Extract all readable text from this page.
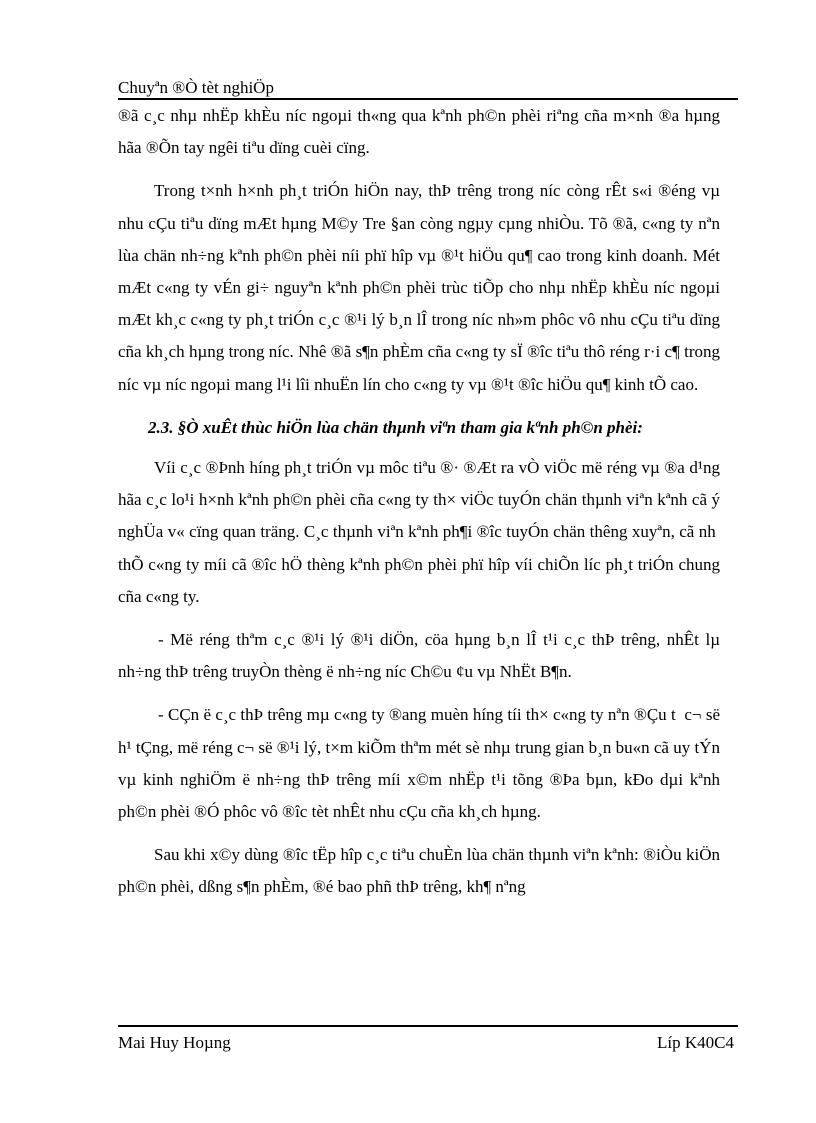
Chuyªn ®Ò tèt nghiÖp

®ã c¸c nhµ nhËp khÈu níc ngoµi th«ng qua kªnh ph©n phèi riªng cña m×nh ®a hµng hãa ®Õn tay ngêi tiªu dïng cuèi cïng.

Trong t×nh h×nh ph¸t triÓn hiÖn nay, thÞ trêng trong níc còng rÊt s«i ®éng vµ nhu cÇu tiªu dïng mÆt hµng M©y Tre §an còng ngµy cµng nhiÒu. Tõ ®ã, c«ng ty nªn lùa chän nh÷ng kªnh ph©n phèi níi phï hîp vµ ®¹t hiÖu qu¶ cao trong kinh doanh. Mét mÆt c«ng ty vÉn gi÷ nguyªn kªnh ph©n phèi trùc tiÕp cho nhµ nhËp khÈu níc ngoµi mÆt kh¸c c«ng ty ph¸t triÓn c¸c ®¹i lý b¸n lÎ trong níc nh»m phôc vô nhu cÇu tiªu dïng cña kh¸ch hµng trong níc. Nhê ®ã s¶n phÈm cña c«ng ty sÏ ®îc tiªu thô réng r·i c¶ trong níc vµ níc ngoµi mang l¹i lîi nhuËn lín cho c«ng ty vµ ®¹t ®îc hiÖu qu¶ kinh tÕ cao.

2.3. §Ò xuÊt thùc hiÖn lùa chän thµnh viªn tham gia kªnh ph©n phèi:

Víi c¸c ®Þnh híng ph¸t triÓn vµ môc tiªu ®· ®Æt ra vÒ viÖc më réng vµ ®a d¹ng hãa c¸c lo¹i h×nh kªnh ph©n phèi cña c«ng ty th× viÖc tuyÓn chän thµnh viªn kªnh cã ý nghÜa v« cïng quan träng. C¸c thµnh viªn kªnh ph¶i ®îc tuyÓn chän thêng xuyªn, cã nh  thÕ c«ng ty míi cã ®îc hÖ thèng kªnh ph©n phèi phï hîp víi chiÕn líc ph¸t triÓn chung cña c«ng ty.

- Më réng thªm c¸c ®¹i lý ®¹i diÖn, cöa hµng b¸n lÎ t¹i c¸c thÞ trêng, nhÊt lµ nh÷ng thÞ trêng truyÒn thèng ë nh÷ng níc Ch©u ¢u vµ NhËt B¶n.

- CÇn ë c¸c thÞ trêng mµ c«ng ty ®ang muèn híng tíi th× c«ng ty nªn ®Çu t  c¬ së h¹ tÇng, më réng c¬ së ®¹i lý, t×m kiÕm thªm mét sè nhµ trung gian b¸n bu«n cã uy tÝn vµ kinh nghiÖm ë nh÷ng thÞ trêng míi x©m nhËp t¹i tõng ®Þa bµn, kÐo dµi kªnh ph©n phèi ®Ó phôc vô ®îc tèt nhÊt nhu cÇu cña kh¸ch hµng.

Sau khi x©y dùng ®îc tËp hîp c¸c tiªu chuÈn lùa chän thµnh viªn kªnh: ®iÒu kiÖn ph©n phèi, dßng s¶n phÈm, ®é bao phñ thÞ trêng, kh¶ nªng

Mai Huy Hoµng	Líp K40C4
